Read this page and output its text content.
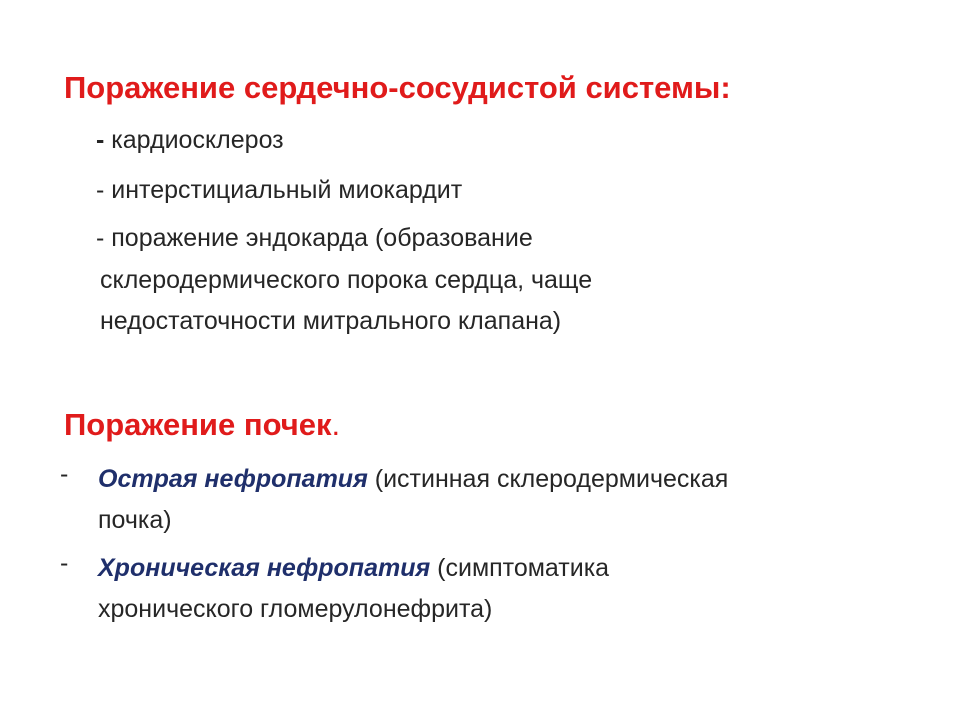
Поражение сердечно-сосудистой системы:

- кардиосклероз

- интерстициальный миокардит

- поражение эндокарда (образование

склеродермического порока сердца, чаще
недостаточности митрального клапана)
Поражение почек.
- Острая нефропатия (истинная склеродермическая

почка)
- Хроническая нефропатия (симптоматика

хронического гломерулонефрита)
